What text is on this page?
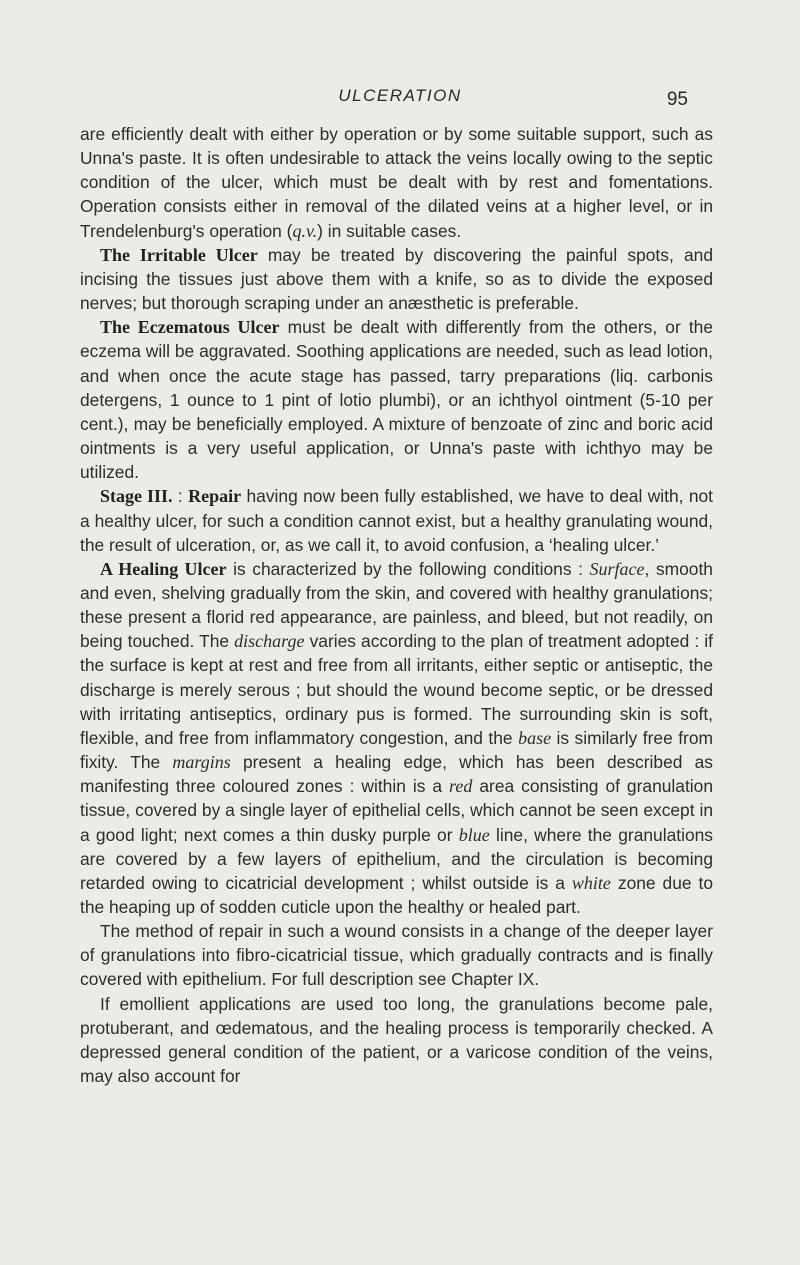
ULCERATION	95

are efficiently dealt with either by operation or by some suitable support, such as Unna's paste. It is often undesirable to attack the veins locally owing to the septic condition of the ulcer, which must be dealt with by rest and fomentations. Operation consists either in removal of the dilated veins at a higher level, or in Trendelenburg's operation (q.v.) in suitable cases.

The Irritable Ulcer may be treated by discovering the painful spots, and incising the tissues just above them with a knife, so as to divide the exposed nerves; but thorough scraping under an anæsthetic is preferable.

The Eczematous Ulcer must be dealt with differently from the others, or the eczema will be aggravated. Soothing applications are needed, such as lead lotion, and when once the acute stage has passed, tarry preparations (liq. carbonis detergens, 1 ounce to 1 pint of lotio plumbi), or an ichthyol ointment (5-10 per cent.), may be beneficially employed. A mixture of benzoate of zinc and boric acid ointments is a very useful application, or Unna's paste with ichthyo may be utilized.

Stage III. : Repair having now been fully established, we have to deal with, not a healthy ulcer, for such a condition cannot exist, but a healthy granulating wound, the result of ulceration, or, as we call it, to avoid confusion, a ‘healing ulcer.’

A Healing Ulcer is characterized by the following conditions : Surface, smooth and even, shelving gradually from the skin, and covered with healthy granulations; these present a florid red appearance, are painless, and bleed, but not readily, on being touched. The discharge varies according to the plan of treatment adopted : if the surface is kept at rest and free from all irritants, either septic or antiseptic, the discharge is merely serous ; but should the wound become septic, or be dressed with irritating antiseptics, ordinary pus is formed. The surrounding skin is soft, flexible, and free from inflammatory congestion, and the base is similarly free from fixity. The margins present a healing edge, which has been described as manifesting three coloured zones : within is a red area consisting of granulation tissue, covered by a single layer of epithelial cells, which cannot be seen except in a good light; next comes a thin dusky purple or blue line, where the granulations are covered by a few layers of epithelium, and the circulation is becoming retarded owing to cicatricial development ; whilst outside is a white zone due to the heaping up of sodden cuticle upon the healthy or healed part.

The method of repair in such a wound consists in a change of the deeper layer of granulations into fibro-cicatricial tissue, which gradually contracts and is finally covered with epithelium. For full description see Chapter IX.

If emollient applications are used too long, the granulations become pale, protuberant, and œdematous, and the healing process is temporarily checked. A depressed general condition of the patient, or a varicose condition of the veins, may also account for
